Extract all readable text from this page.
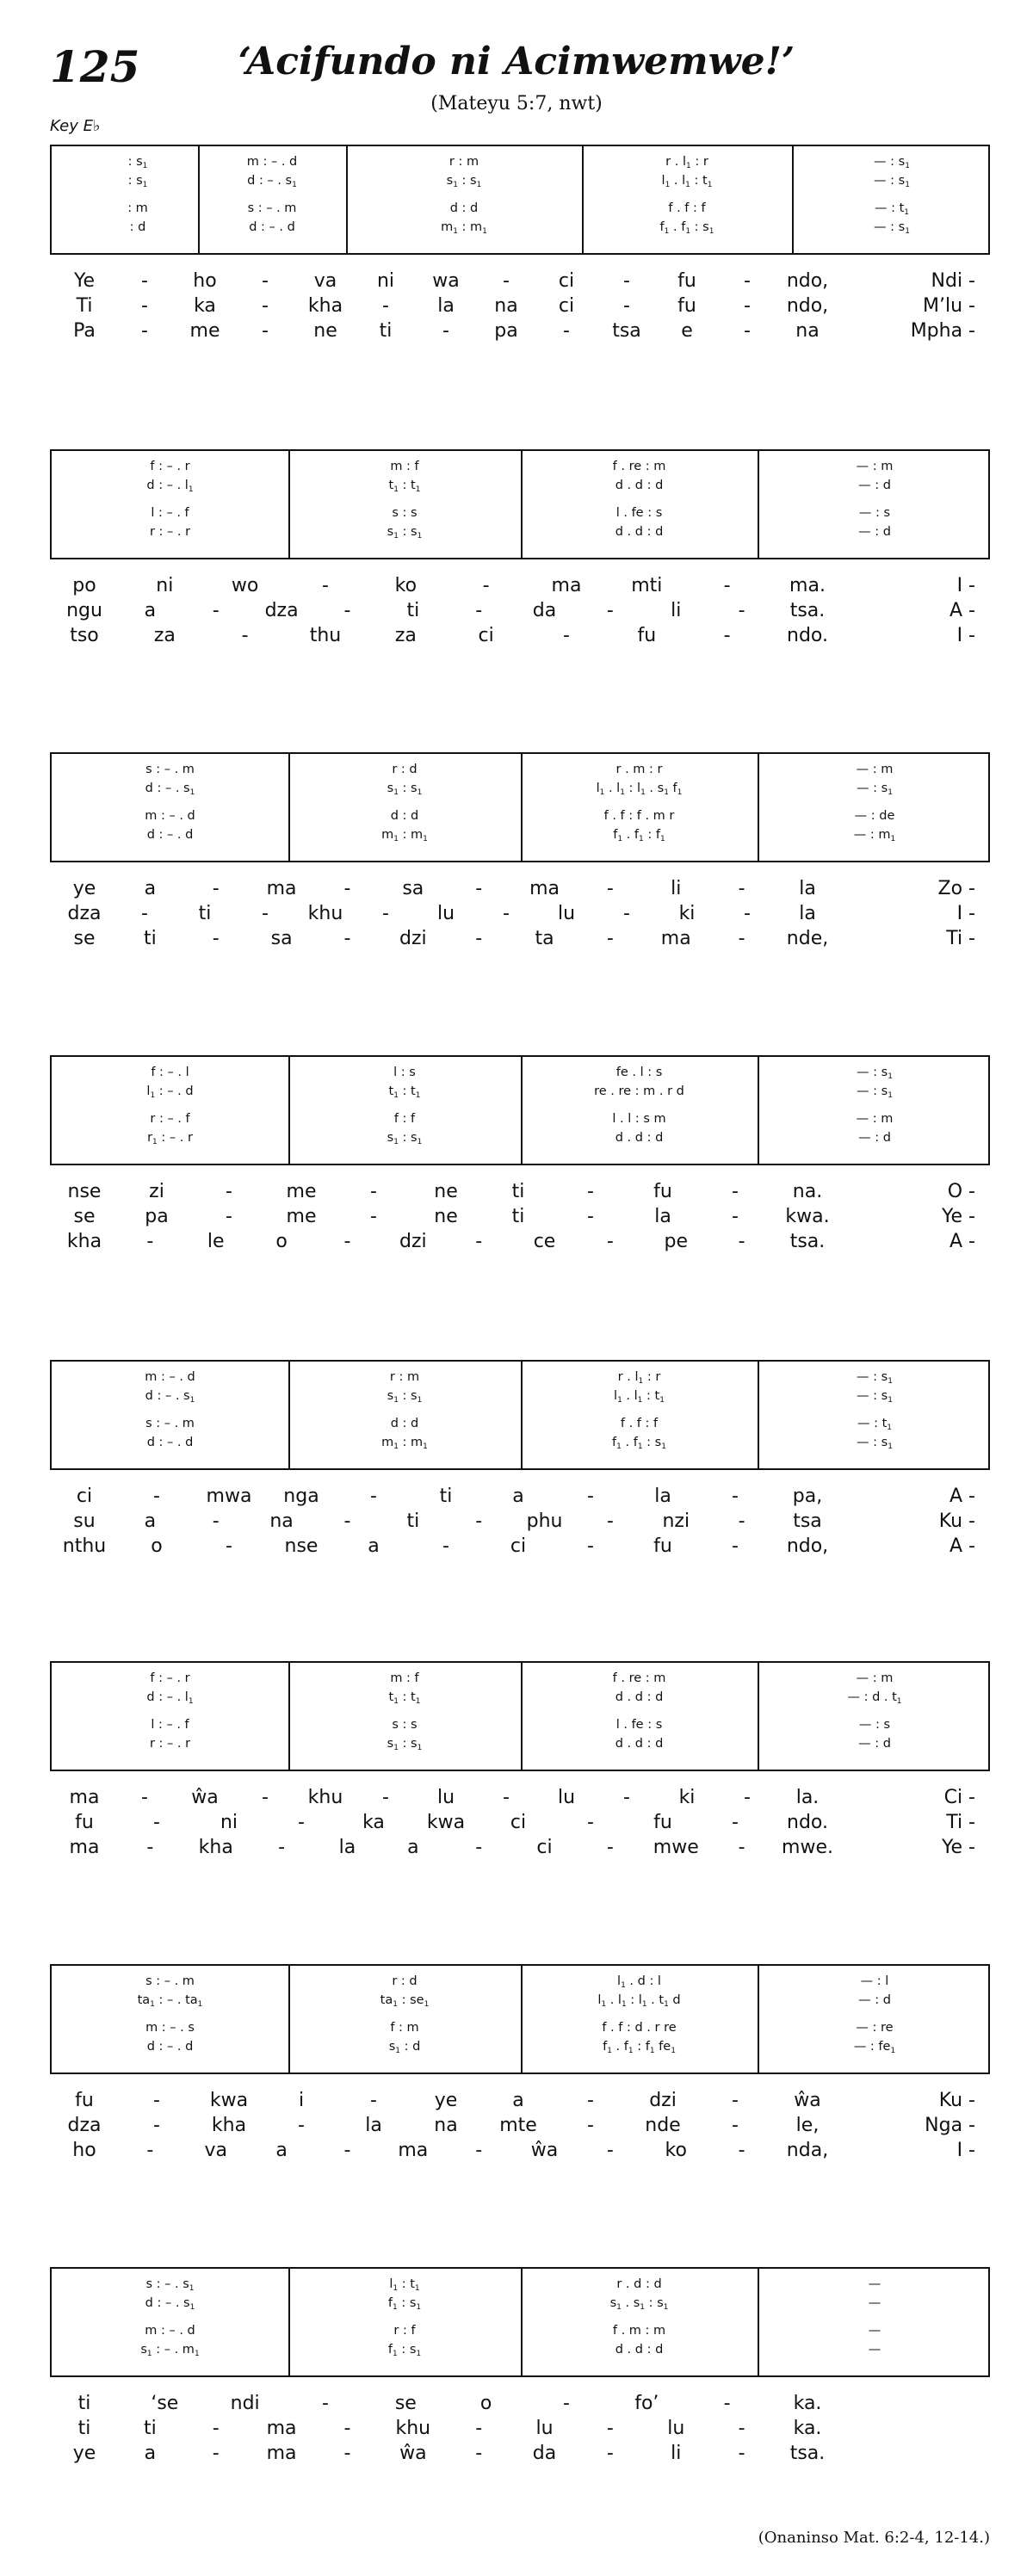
125	‘Acifundo ni Acimwemwe!’
(Mateyu 5:7, nwt)
Key E♭
: $s_1$	m : – . d	r : m	r . $l_1$ : r	— : $s_1$
: $s_1$	d : – . $s_1$	$s_1$ : $s_1$	$l_1$ . $l_1$ : $t_1$	— : $s_1$
: m	s : – . m	d : d	f . f : f	— : $t_1$
: d	d : – . d	$m_1$ : $m_1$	$f_1$ . $f_1$ : $s_1$	— : $s_1$
Ye - ho - va ni wa -	ci	-	fu	- ndo,	Ndi -
Ti	- ka - kha -	la na ci	-	fu	- ndo,	M’lu -
Pa - me - ne ti	- pa - tsa e	- na	Mpha -
f : – . r	m : f	f . re : m	— : m
d : – . $l_1$	$t_1$ : $t_1$	d . d : d	— : d
l : – . f	s : s	l . fe : s	— : s
r : – . r	$s_1$ : $s_1$	d . d : d	— : d
po	ni	wo	-	ko	-	ma	mti	-	ma.	I -
ngu a	- dza -	ti	-	da	-	li	- tsa.	A -
tso	za	-	thu	za	ci	-	fu	-	ndo.	I -
s : – . m	r : d	r . m : r	— : m
d : – . $s_1$	$s_1$ : $s_1$	$l_1$ . $l_1$ : $l_1$ . $s_1$ $f_1$	— : $s_1$
m : – . d	d : d	f . f : f . m r	— : de
d : – . d	$m_1$ : $m_1$	$f_1$ . $f_1$ : $f_1$	— : $m_1$
ye	a	- ma -	sa	- ma -	li	-	la	Zo -
dza -	ti	- khu -	lu	-	lu	-	ki	-	la	I -
se	ti	-	sa	-	dzi	-	ta	- ma - nde,	Ti -
f : – . l	l : s	fe . l : s	— : $s_1$
$l_1$ : – . d	$t_1$ : $t_1$	re . re : m . r d	— : $s_1$
r : – . f	f : f	l . l : s m	— : m
$r_1$ : – . r	$s_1$ : $s_1$	d . d : d	— : d
nse	zi	-	me	-	ne	ti	-	fu	-	na.	O -
se	pa	-	me	-	ne	ti	-	la	- kwa.	Ye -
kha -	le	o	-	dzi	-	ce	-	pe	- tsa.	A -
m : – . d	r : m	r . $l_1$ : r	— : $s_1$
d : – . $s_1$	$s_1$ : $s_1$	$l_1$ . $l_1$ : $t_1$	— : $s_1$
s : – . m	d : d	f . f : f	— : $t_1$
d : – . d	$m_1$ : $m_1$	$f_1$ . $f_1$ : $s_1$	— : $s_1$
ci	- mwa nga	-	ti	a	-	la	-	pa,	A -
su	a	-	na	-	ti	- phu -	nzi	-	tsa	Ku -
nthu o	-	nse	a	-	ci	-	fu	-	ndo,	A -
f : – . r	m : f	f . re : m	— : m
d : – . $l_1$	$t_1$ : $t_1$	d . d : d	— : d . $t_1$
l : – . f	s : s	l . fe : s	— : s
r : – . r	$s_1$ : $s_1$	d . d : d	— : d
ma - ŵa - khu -	lu	-	lu	-	ki	- la.	Ci -
fu	-	ni	-	ka kwa ci	-	fu	-	ndo.	Ti -
ma - kha -	la	a	-	ci	- mwe - mwe.	Ye -
s : – . m	r : d	$l_1$ . d : l	— : l
$ta_1$ : – . $ta_1$	$ta_1$ : $se_1$	$l_1$ . $l_1$ : $l_1$ . $t_1$ d	— : d
m : – . s	f : m	f . f : d . r re	— : re
d : – . d	$s_1$ : d	$f_1$ . $f_1$ : $f_1$ $fe_1$	— : $fe_1$
fu	-	kwa	i	-	ye	a	-	dzi	-	ŵa	Ku -
dza	-	kha	-	la	na mte	-	nde	-	le,	Nga -
ho	-	va	a	- ma -	ŵa	-	ko	- nda,	I -
s : – . $s_1$	$l_1$ : $t_1$	r . d : d	—
d : – . $s_1$	$f_1$ : $s_1$	$s_1$ . $s_1$ : $s_1$	—
m : – . d	r : f	f . m : m	—
$s_1$ : – . $m_1$	$f_1$ : $s_1$	d . d : d	—
ti	‘se	ndi	-	se	o	-	fo’	-	ka.
ti	ti	- ma - khu -	lu	-	lu	-	ka.
ye	a	- ma -	ŵa	-	da	-	li	- tsa.
(Onaninso Mat. 6:2-4, 12-14.)
